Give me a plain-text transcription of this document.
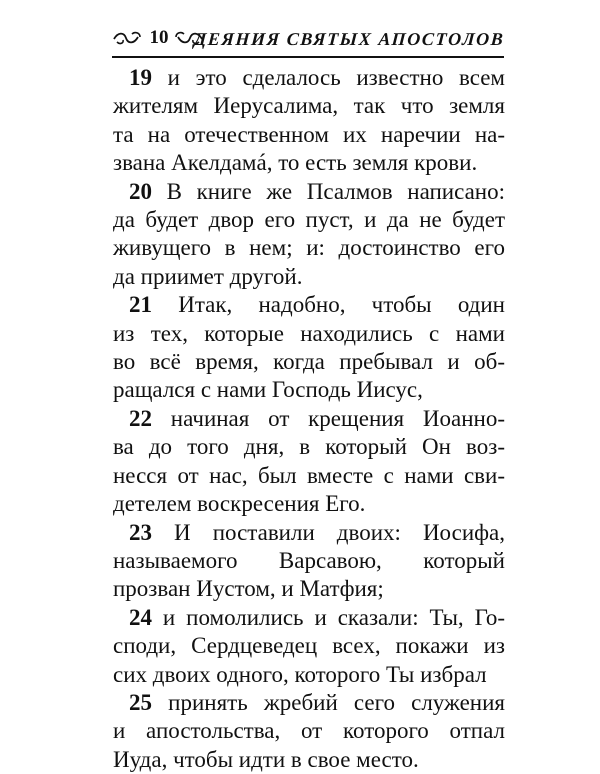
10 ДЕЯНИЯ СВЯТЫХ АПОСТОЛОВ
19 и это сделалось известно всем
жителям Иерусалима, так что земля
та на отечественном их наречии на-
звана Акелдамá, то есть земля крови.
20 В книге же Псалмов написано:
да будет двор его пуст, и да не будет
живущего в нем; и: достоинство его
да приимет другой.
21 Итак, надобно, чтобы один
из тех, которые находились с нами
во всё время, когда пребывал и об-
ращался с нами Господь Иисус,
22 начиная от крещения Иоанно-
ва до того дня, в который Он воз-
несся от нас, был вместе с нами сви-
детелем воскресения Его.
23 И поставили двоих: Иосифа,
называемого Варсавою, который
прозван Иустом, и Матфия;
24 и помолились и сказали: Ты, Го-
споди, Сердцеведец всех, покажи из
сих двоих одного, которого Ты избрал
25 принять жребий сего служения
и апостольства, от которого отпал
Иуда, чтобы идти в свое место.
